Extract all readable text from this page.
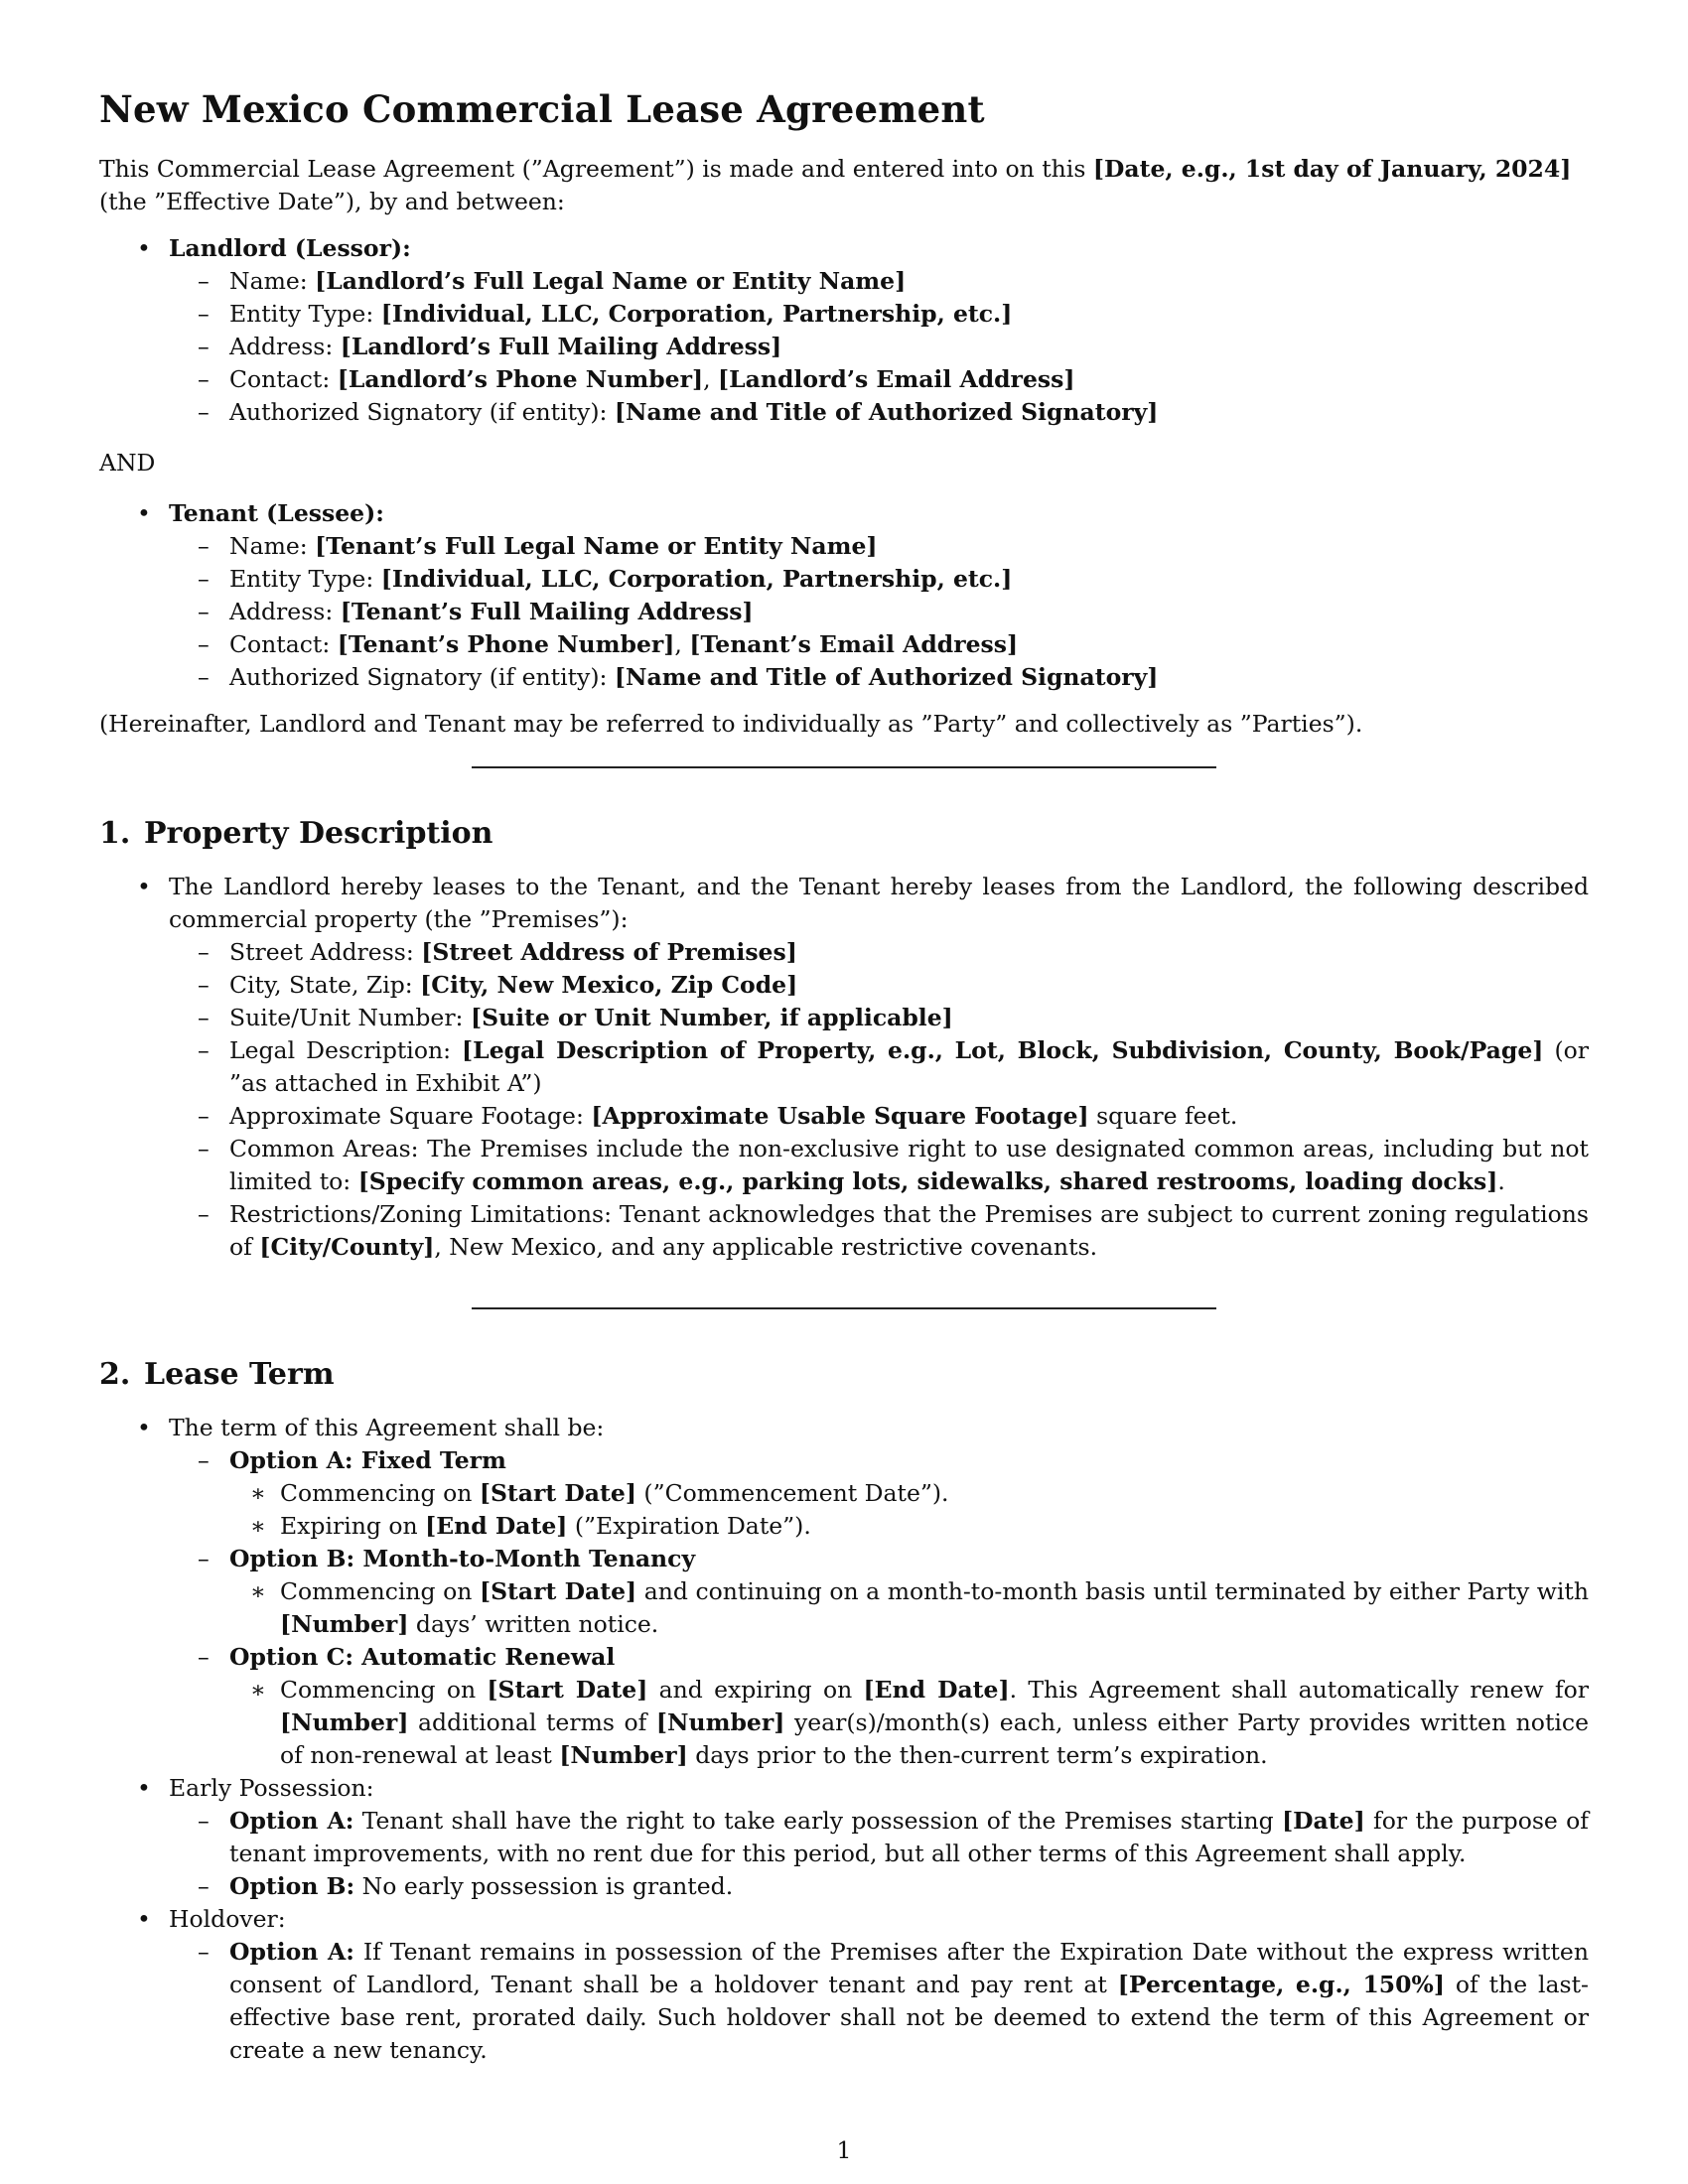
New Mexico Commercial Lease Agreement

This Commercial Lease Agreement (”Agreement”) is made and entered into on this [Date, e.g., 1st day of January, 2024] (the ”Effective Date”), by and between:

• Landlord (Lessor):
– Name: [Landlord’s Full Legal Name or Entity Name]
– Entity Type: [Individual, LLC, Corporation, Partnership, etc.]
– Address: [Landlord’s Full Mailing Address]
– Contact: [Landlord’s Phone Number], [Landlord’s Email Address]
– Authorized Signatory (if entity): [Name and Title of Authorized Signatory]

AND

• Tenant (Lessee):
– Name: [Tenant’s Full Legal Name or Entity Name]
– Entity Type: [Individual, LLC, Corporation, Partnership, etc.]
– Address: [Tenant’s Full Mailing Address]
– Contact: [Tenant’s Phone Number], [Tenant’s Email Address]
– Authorized Signatory (if entity): [Name and Title of Authorized Signatory]

(Hereinafter, Landlord and Tenant may be referred to individually as ”Party” and collectively as ”Parties”).

1. Property Description
• The Landlord hereby leases to the Tenant, and the Tenant hereby leases from the Landlord, the following described commercial property (the ”Premises”):
– Street Address: [Street Address of Premises]
– City, State, Zip: [City, New Mexico, Zip Code]
– Suite/Unit Number: [Suite or Unit Number, if applicable]
– Legal Description: [Legal Description of Property, e.g., Lot, Block, Subdivision, County, Book/Page] (or ”as attached in Exhibit A”)
– Approximate Square Footage: [Approximate Usable Square Footage] square feet.
– Common Areas: The Premises include the non-exclusive right to use designated common areas, including but not limited to: [Specify common areas, e.g., parking lots, sidewalks, shared restrooms, loading docks].
– Restrictions/Zoning Limitations: Tenant acknowledges that the Premises are subject to current zoning regulations of [City/County], New Mexico, and any applicable restrictive covenants.
2. Lease Term
• The term of this Agreement shall be:
– Option A: Fixed Term
∗ Commencing on [Start Date] (”Commencement Date”).
∗ Expiring on [End Date] (”Expiration Date”).
– Option B: Month-to-Month Tenancy
∗ Commencing on [Start Date] and continuing on a month-to-month basis until terminated by either Party with [Number] days’ written notice.
– Option C: Automatic Renewal
∗ Commencing on [Start Date] and expiring on [End Date]. This Agreement shall automatically renew for [Number] additional terms of [Number] year(s)/month(s) each, unless either Party provides written notice of non-renewal at least [Number] days prior to the then-current term’s expiration.
• Early Possession:
– Option A: Tenant shall have the right to take early possession of the Premises starting [Date] for the purpose of tenant improvements, with no rent due for this period, but all other terms of this Agreement shall apply.
– Option B: No early possession is granted.
• Holdover:
– Option A: If Tenant remains in possession of the Premises after the Expiration Date without the express written consent of Landlord, Tenant shall be a holdover tenant and pay rent at [Percentage, e.g., 150%] of the last-effective base rent, prorated daily. Such holdover shall not be deemed to extend the term of this Agreement or create a new tenancy.
1
